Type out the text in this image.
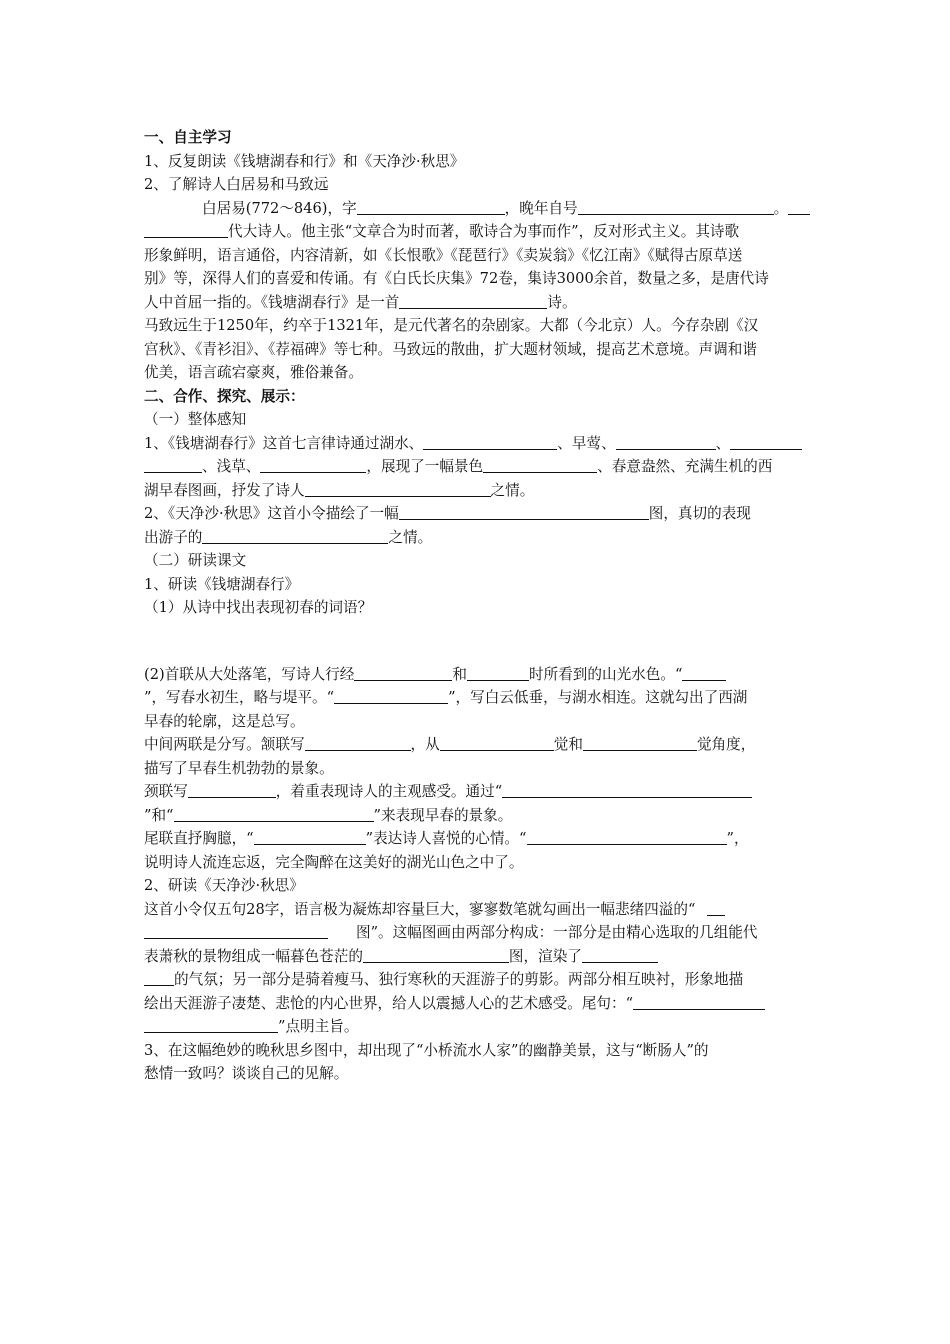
一、自主学习
1、反复朗读《钱塘湖春和行》和《天净沙·秋思》
2、了解诗人白居易和马致远
白居易(772～846)，字	，晚年自号	。
代大诗人。他主张“文章合为时而著，歌诗合为事而作”，反对形式主义。其诗歌
形象鲜明，语言通俗，内容清新，如《长恨歌》《琵琶行》《卖炭翁》《忆江南》《赋得古原草送
别》等，深得人们的喜爱和传诵。有《白氏长庆集》72卷，集诗3000余首，数量之多，是唐代诗
人中首屈一指的。《钱塘湖春行》是一首	诗。
马致远生于1250年，约卒于1321年，是元代著名的杂剧家。大都（今北京）人。今存杂剧《汉
宫秋》、《青衫泪》、《荐福碑》等七种。马致远的散曲，扩大题材领域，提高艺术意境。声调和谐
优美，语言疏宕豪爽，雅俗兼备。
二、合作、探究、展示：
（一）整体感知
1、《钱塘湖春行》这首七言律诗通过湖水、	、早莺、	、
、浅草、	，展现了一幅景色	、春意盎然、充满生机的西
湖早春图画，抒发了诗人	之情。
2、《天净沙·秋思》这首小令描绘了一幅	图，真切的表现
出游子的	之情。
（二）研读课文
1、研读《钱塘湖春行》
（1）从诗中找出表现初春的词语？
(2)首联从大处落笔，写诗人行经	和	时所看到的山光水色。“
”，写春水初生，略与堤平。“	”，写白云低垂，与湖水相连。这就勾出了西湖
早春的轮廓，这是总写。
中间两联是分写。颔联写	，从	觉和	觉角度，
描写了早春生机勃勃的景象。
颈联写	，着重表现诗人的主观感受。通过“
”和“	”来表现早春的景象。
尾联直抒胸臆，“	”表达诗人喜悦的心情。“	”，
说明诗人流连忘返，完全陶醉在这美好的湖光山色之中了。
2、研读《天净沙·秋思》
这首小令仅五句28字，语言极为凝炼却容量巨大，寥寥数笔就勾画出一幅悲绪四溢的“
图”。这幅图画由两部分构成：一部分是由精心选取的几组能代
表萧秋的景物组成一幅暮色苍茫的	图，渲染了
的气氛；另一部分是骑着瘦马、独行寒秋的天涯游子的剪影。两部分相互映衬，形象地描
绘出天涯游子凄楚、悲怆的内心世界，给人以震撼人心的艺术感受。尾句：“
”点明主旨。
3、在这幅绝妙的晚秋思乡图中，却出现了“小桥流水人家”的幽静美景，这与“断肠人”的
愁情一致吗？谈谈自己的见解。
